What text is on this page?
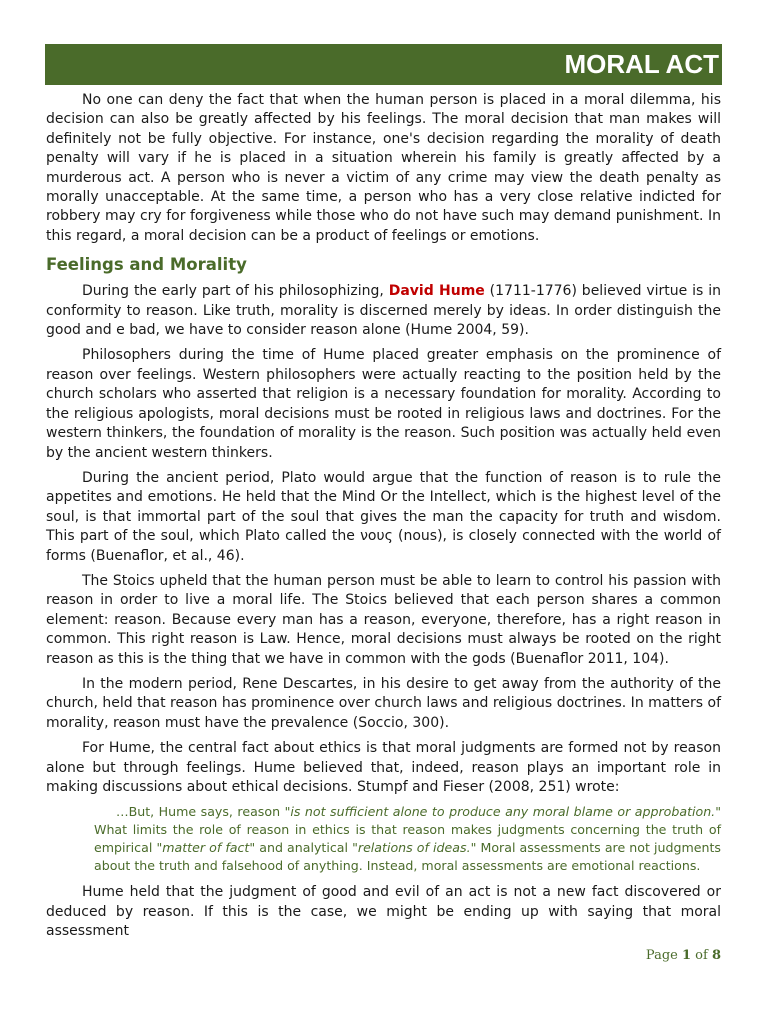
MORAL ACT

No one can deny the fact that when the human person is placed in a moral dilemma, his decision can also be greatly affected by his feelings. The moral decision that man makes will definitely not be fully objective. For instance, one's decision regarding the morality of death penalty will vary if he is placed in a situation wherein his family is greatly affected by a murderous act. A person who is never a victim of any crime may view the death penalty as morally unacceptable. At the same time, a person who has a very close relative indicted for robbery may cry for forgiveness while those who do not have such may demand punishment. In this regard, a moral decision can be a product of feelings or emotions.

Feelings and Morality

During the early part of his philosophizing, David Hume (1711-1776) believed virtue is in conformity to reason. Like truth, morality is discerned merely by ideas. In order distinguish the good and e bad, we have to consider reason alone (Hume 2004, 59).

Philosophers during the time of Hume placed greater emphasis on the prominence of reason over feelings. Western philosophers were actually reacting to the position held by the church scholars who asserted that religion is a necessary foundation for morality. According to the religious apologists, moral decisions must be rooted in religious laws and doctrines. For the western thinkers, the foundation of morality is the reason. Such position was actually held even by the ancient western thinkers.

During the ancient period, Plato would argue that the function of reason is to rule the appetites and emotions. He held that the Mind Or the Intellect, which is the highest level of the soul, is that immortal part of the soul that gives the man the capacity for truth and wisdom. This part of the soul, which Plato called the νους (nous), is closely connected with the world of forms (Buenaflor, et al., 46).

The Stoics upheld that the human person must be able to learn to control his passion with reason in order to live a moral life. The Stoics believed that each person shares a common element: reason. Because every man has a reason, everyone, therefore, has a right reason in common. This right reason is Law. Hence, moral decisions must always be rooted on the right reason as this is the thing that we have in common with the gods (Buenaflor 2011, 104).

In the modern period, Rene Descartes, in his desire to get away from the authority of the church, held that reason has prominence over church laws and religious doctrines. In matters of morality, reason must have the prevalence (Soccio, 300).

For Hume, the central fact about ethics is that moral judgments are formed not by reason alone but through feelings. Hume believed that, indeed, reason plays an important role in making discussions about ethical decisions. Stumpf and Fieser (2008, 251) wrote:

…But, Hume says, reason "is not sufficient alone to produce any moral blame or approbation." What limits the role of reason in ethics is that reason makes judgments concerning the truth of empirical "matter of fact" and analytical "relations of ideas." Moral assessments are not judgments about the truth and falsehood of anything. Instead, moral assessments are emotional reactions.

Hume held that the judgment of good and evil of an act is not a new fact discovered or deduced by reason. If this is the case, we might be ending up with saying that moral assessment

Page 1 of 8
